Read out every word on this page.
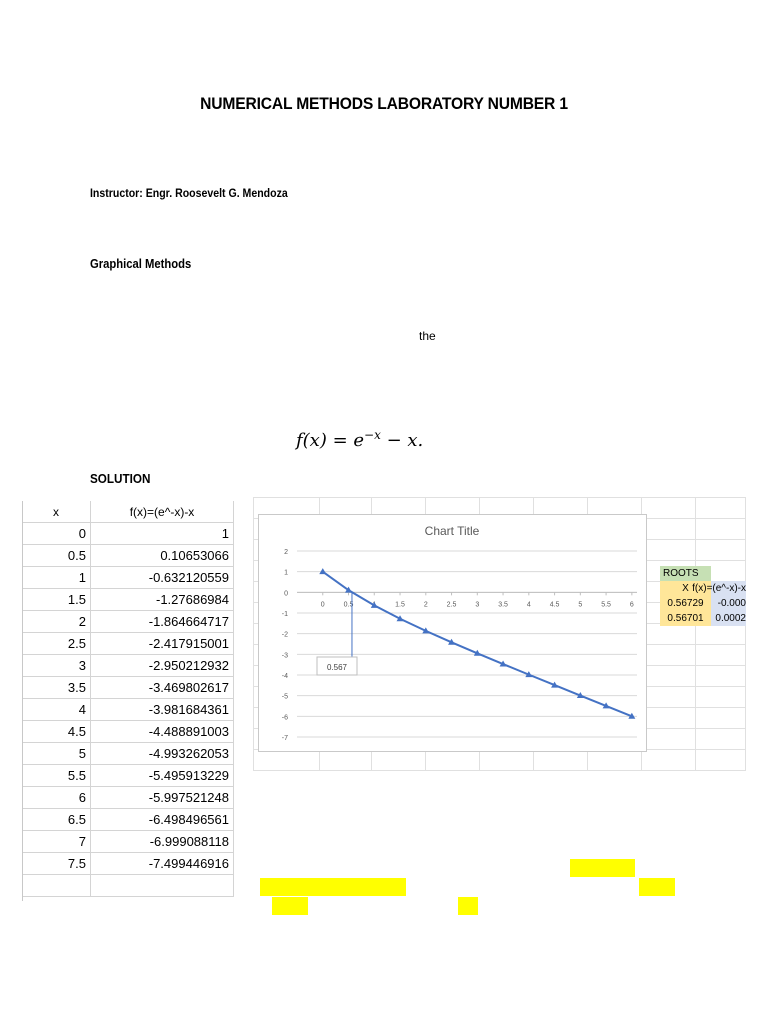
NUMERICAL METHODS LABORATORY NUMBER 1
Instructor: Engr. Roosevelt G. Mendoza
Graphical Methods
the
$f(x) = e^{-x} - x$.
SOLUTION
x	f(x)=(e^-x)-x
0	1
0.5	0.10653066
1	-0.632120559
1.5	-1.27686984
2	-1.864664717
2.5	-2.417915001
3	-2.950212932
3.5	-3.469802617
4	-3.981684361
4.5	-4.488891003
5	-4.993262053
5.5	-5.495913229
6	-5.997521248
6.5	-6.498496561
7	-6.999088118
7.5	-7.499446916

Chart Title
2
1
0
-1
-2
-3
-4
-5
-6
-7
0	0.5	1.5	2	2.5	3	3.5	4	4.5	5	5.5	6
0.567
ROOTS
X f(x)=(e^-x)-x
0.56729	-0.000
0.56701	0.0002
